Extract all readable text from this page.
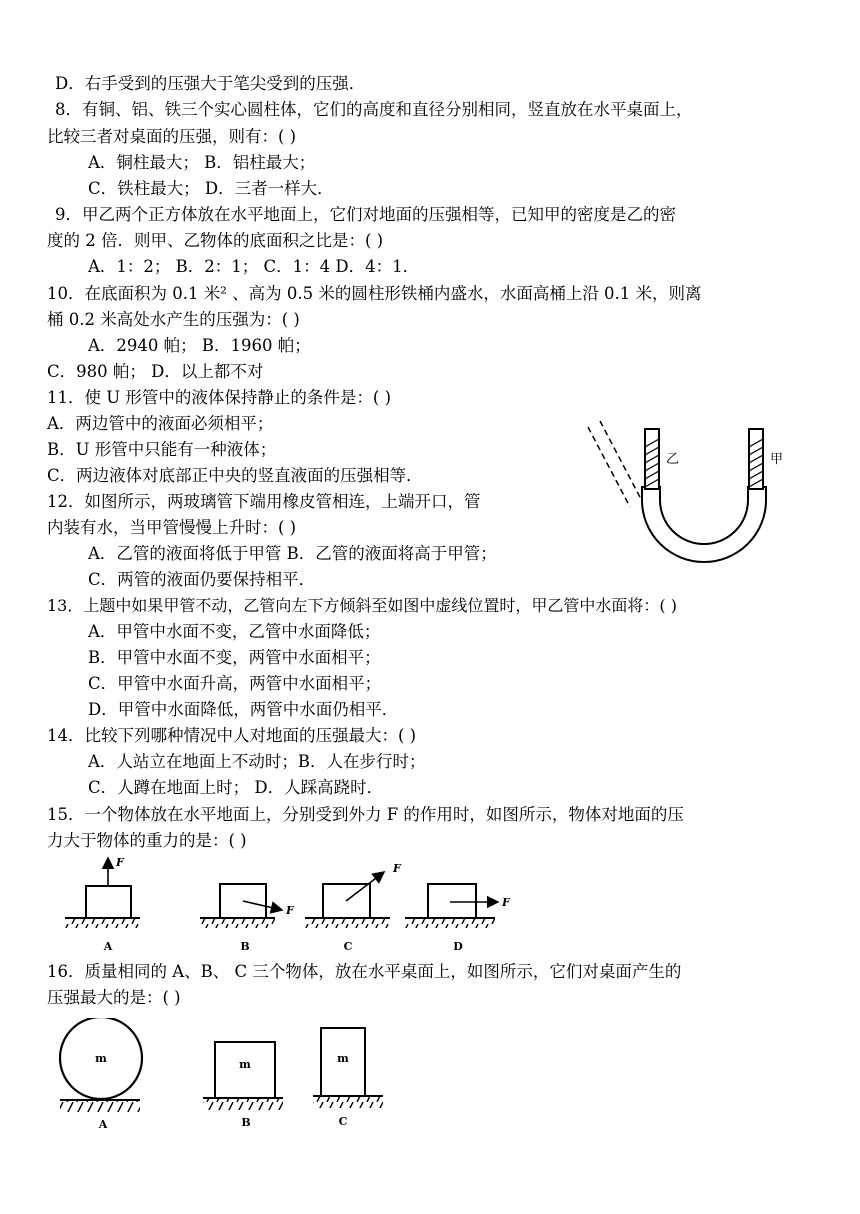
D．右手受到的压强大于笔尖受到的压强．
8．有铜、铝、铁三个实心圆柱体，它们的高度和直径分别相同，竖直放在水平桌面上，
比较三者对桌面的压强，则有：( )
A．铜柱最大； B．铝柱最大；
C．铁柱最大； D．三者一样大．
9．甲乙两个正方体放在水平地面上，它们对地面的压强相等，已知甲的密度是乙的密
度的 2 倍．则甲、乙物体的底面积之比是：( )
A．1：2； B．2：1； C．1：4 D．4：1．
10．在底面积为 0.1 米² 、高为 0.5 米的圆柱形铁桶内盛水，水面高桶上沿 0.1 米，则离
桶 0.2 米高处水产生的压强为：( )
A．2940 帕； B．1960 帕；
C．980 帕； D．以上都不对
11．使 U 形管中的液体保持静止的条件是：( )
A．两边管中的液面必须相平；
B．U 形管中只能有一种液体；
C．两边液体对底部正中央的竖直液面的压强相等．
12．如图所示，两玻璃管下端用橡皮管相连，上端开口，管
内装有水，当甲管慢慢上升时：( )
A．乙管的液面将低于甲管 B．乙管的液面将高于甲管；
C．两管的液面仍要保持相平．
13．上题中如果甲管不动，乙管向左下方倾斜至如图中虚线位置时，甲乙管中水面将：( )
A．甲管中水面不变，乙管中水面降低；
B．甲管中水面不变，两管中水面相平；
C．甲管中水面升高，两管中水面相平；
D．甲管中水面降低，两管中水面仍相平．
14．比较下列哪种情况中人对地面的压强最大：( )
A．人站立在地面上不动时；B．人在步行时；
C．人蹲在地面上时； D．人踩高跷时．
15．一个物体放在水平地面上，分别受到外力 F 的作用时，如图所示，物体对地面的压
力大于物体的重力的是：( )
16．质量相同的 A、B、 C 三个物体，放在水平桌面上，如图所示，它们对桌面产生的
压强最大的是：( )
乙	甲
F
A
F
B
F
C
F
D
m
A
m
B
m
C
